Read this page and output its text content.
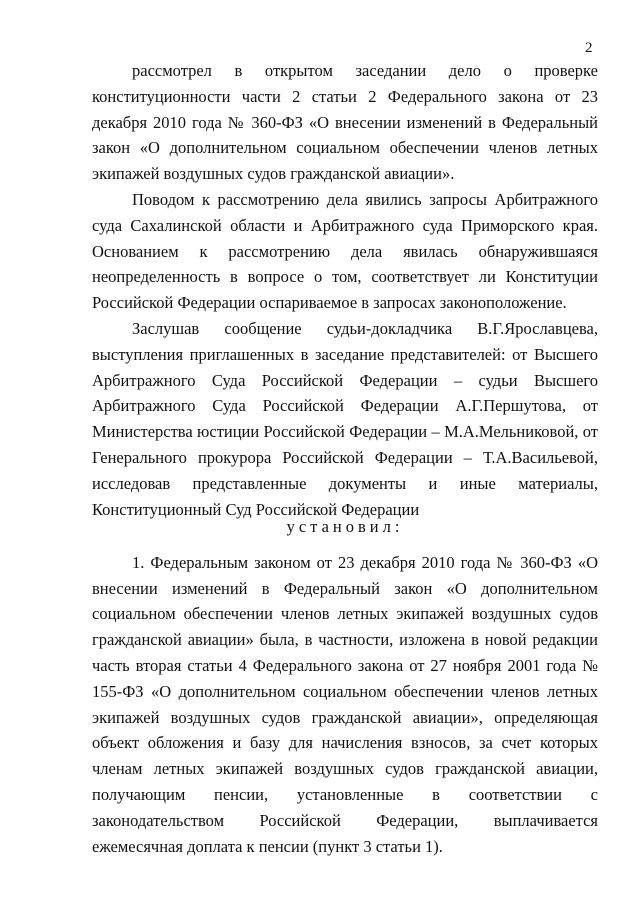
2

рассмотрел в открытом заседании дело о проверке конституционности части 2 статьи 2 Федерального закона от 23 декабря 2010 года № 360-ФЗ «О внесении изменений в Федеральный закон «О дополнительном социальном обеспечении членов летных экипажей воздушных судов гражданской авиации».

Поводом к рассмотрению дела явились запросы Арбитражного суда Сахалинской области и Арбитражного суда Приморского края. Основанием к рассмотрению дела явилась обнаружившаяся неопределенность в вопросе о том, соответствует ли Конституции Российской Федерации оспариваемое в запросах законоположение.

Заслушав сообщение судьи-докладчика В.Г.Ярославцева, выступления приглашенных в заседание представителей: от Высшего Арбитражного Суда Российской Федерации – судьи Высшего Арбитражного Суда Российской Федерации А.Г.Першутова, от Министерства юстиции Российской Федерации – М.А.Мельниковой, от Генерального прокурора Российской Федерации – Т.А.Васильевой, исследовав представленные документы и иные материалы, Конституционный Суд Российской Федерации

установил:

1. Федеральным законом от 23 декабря 2010 года № 360-ФЗ «О внесении изменений в Федеральный закон «О дополнительном социальном обеспечении членов летных экипажей воздушных судов гражданской авиации» была, в частности, изложена в новой редакции часть вторая статьи 4 Федерального закона от 27 ноября 2001 года № 155-ФЗ «О дополнительном социальном обеспечении членов летных экипажей воздушных судов гражданской авиации», определяющая объект обложения и базу для начисления взносов, за счет которых членам летных экипажей воздушных судов гражданской авиации, получающим пенсии, установленные в соответствии с законодательством Российской Федерации, выплачивается ежемесячная доплата к пенсии (пункт 3 статьи 1).
